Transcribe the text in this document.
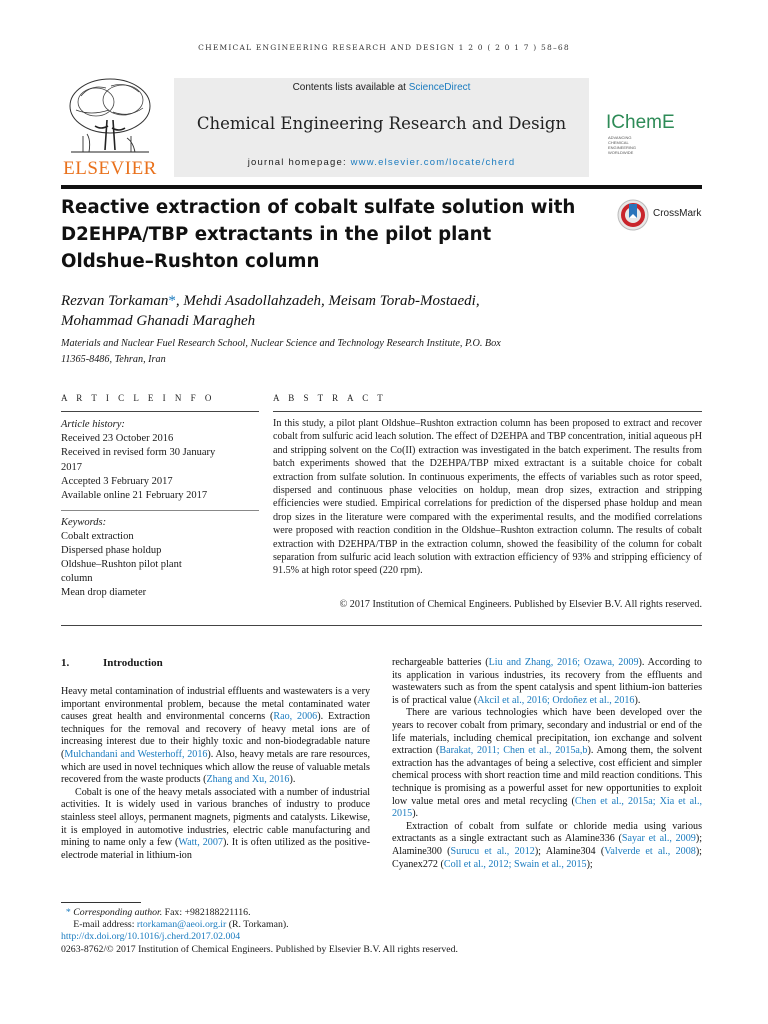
CHEMICAL ENGINEERING RESEARCH AND DESIGN 1 2 0 ( 2 0 1 7 ) 58–68
ELSEVIER
Contents lists available at ScienceDirect
Chemical Engineering Research and Design
journal homepage: www.elsevier.com/locate/cherd
IChemE ADVANCING
CHEMICAL
ENGINEERING
WORLDWIDE
Reactive extraction of cobalt sulfate solution with
D2EHPA/TBP extractants in the pilot plant
Oldshue–Rushton column
CrossMark
Rezvan Torkaman*, Mehdi Asadollahzadeh, Meisam Torab-Mostaedi,
Mohammad Ghanadi Maragheh
Materials and Nuclear Fuel Research School, Nuclear Science and Technology Research Institute, P.O. Box
11365-8486, Tehran, Iran
A R T I C L E I N F O	A B S T R A C T
Article history:
Received 23 October 2016
Received in revised form 30 January
2017
Accepted 3 February 2017
Available online 21 February 2017
Keywords:
Cobalt extraction
Dispersed phase holdup
Oldshue–Rushton pilot plant
column
Mean drop diameter
In this study, a pilot plant Oldshue–Rushton extraction column has been proposed to extract and recover cobalt from sulfuric acid leach solution. The effect of D2EHPA and TBP concentration, initial aqueous pH and stripping solvent on the Co(II) extraction was investigated in the batch experiment. The results from batch experiments showed that the D2EHPA/TBP mixed extractant is a suitable choice for cobalt extraction from sulfate solution. In continuous experiments, the effects of variables such as rotor speed, dispersed and continuous phase velocities on holdup, mean drop sizes, extraction and stripping efficiencies were studied. Empirical correlations for prediction of the dispersed phase holdup and mean drop sizes in the literature were compared with the experimental results, and the modified correlations were proposed with reaction condition in the Oldshue–Rushton extraction column. The results of cobalt extraction with D2EHPA/TBP in the extraction column, showed the feasibility of the column for cobalt separation from sulfuric acid leach solution with extraction efficiency of 93% and stripping efficiency of 91.5% at high rotor speed (220 rpm).
© 2017 Institution of Chemical Engineers. Published by Elsevier B.V. All rights reserved.
1.	Introduction

Heavy metal contamination of industrial effluents and wastewaters is a very important environmental problem, because the metal contaminated water causes great health and environmental concerns (Rao, 2006). Extraction techniques for the removal and recovery of heavy metal ions are of increasing interest due to their highly toxic and non-biodegradable nature (Mulchandani and Westerhoff, 2016). Also, heavy metals are rare resources, which are used in novel techniques which allow the reuse of valuable metals recovered from the waste products (Zhang and Xu, 2016).

Cobalt is one of the heavy metals associated with a number of industrial activities. It is widely used in various branches of industry to produce stainless steel alloys, permanent magnets, pigments and catalysts. Likewise, it is employed in automotive industries, electric cable manufacturing and mining to name only a few (Watt, 2007). It is often utilized as the positive-electrode material in lithium-ion

rechargeable batteries (Liu and Zhang, 2016; Ozawa, 2009). According to its application in various industries, its recovery from the effluents and wastewaters such as from the spent catalysis and spent lithium-ion batteries is of practical value (Akcil et al., 2016; Ordoñez et al., 2016).

There are various technologies which have been developed over the years to recover cobalt from primary, secondary and industrial or end of the life materials, including chemical precipitation, ion exchange and solvent extraction (Barakat, 2011; Chen et al., 2015a,b). Among them, the solvent extraction has the advantages of being a selective, cost efficient and simpler chemical process with short reaction time and mild reaction conditions. This technique is promising as a powerful asset for new opportunities to exploit low value metal ores and metal recycling (Chen et al., 2015a; Xia et al., 2015).

Extraction of cobalt from sulfate or chloride media using various extractants as a single extractant such as Alamine336 (Sayar et al., 2009); Alamine300 (Surucu et al., 2012); Alamine304 (Valverde et al., 2008); Cyanex272 (Coll et al., 2012; Swain et al., 2015);

* Corresponding author. Fax: +982188221116.
E-mail address: rtorkaman@aeoi.org.ir (R. Torkaman).
http://dx.doi.org/10.1016/j.cherd.2017.02.004
0263-8762/© 2017 Institution of Chemical Engineers. Published by Elsevier B.V. All rights reserved.
